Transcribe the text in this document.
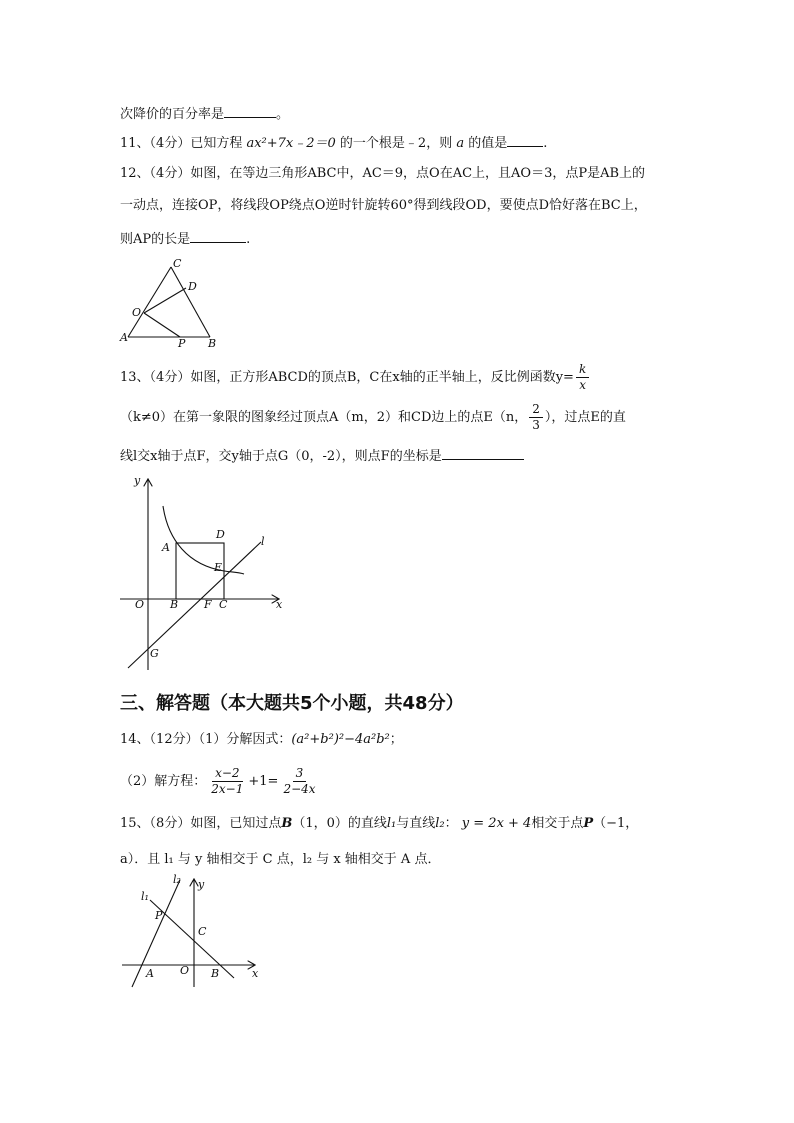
次降价的百分率是	。
11、（4分）已知方程 ax²+7x﹣2＝0 的一个根是﹣2，则 a 的值是	.
12、（4分）如图，在等边三角形ABC中，AC＝9，点O在AC上，且AO＝3，点P是AB上的
一动点，连接OP，将线段OP绕点O逆时针旋转60°得到线段OD，要使点D恰好落在BC上，
则AP的长是	.
C
D
O
A	P B
13、（4分）如图，正方形ABCD的顶点B，C在x轴的正半轴上，反比例函数$y= \frac{k}{x}$
（k≠0）在第一象限的图象经过顶点A（m，2）和CD边上的点E（n， $\frac{2}{3}$ ），过点E的直
线l交x轴于点F，交y轴于点G（0，-2），则点F的坐标是
y
x
O
A
D
E
l
B F C
G
三、解答题（本大题共5个小题，共48分）
14、（12分）（1）分解因式：(a²+b²)²−4a²b²；
（2）解方程： $\frac{x-2}{2x-1} +1= \frac{3}{2-4x}$
15、（8分）如图，已知过点B（1，0）的直线l₁与直线l₂： y = 2x + 4相交于点P（−1，
a）．且 l₁ 与 y 轴相交于 C 点，l₂ 与 x 轴相交于 A 点．
l₁
l₂ y
P
C
A O B	x
